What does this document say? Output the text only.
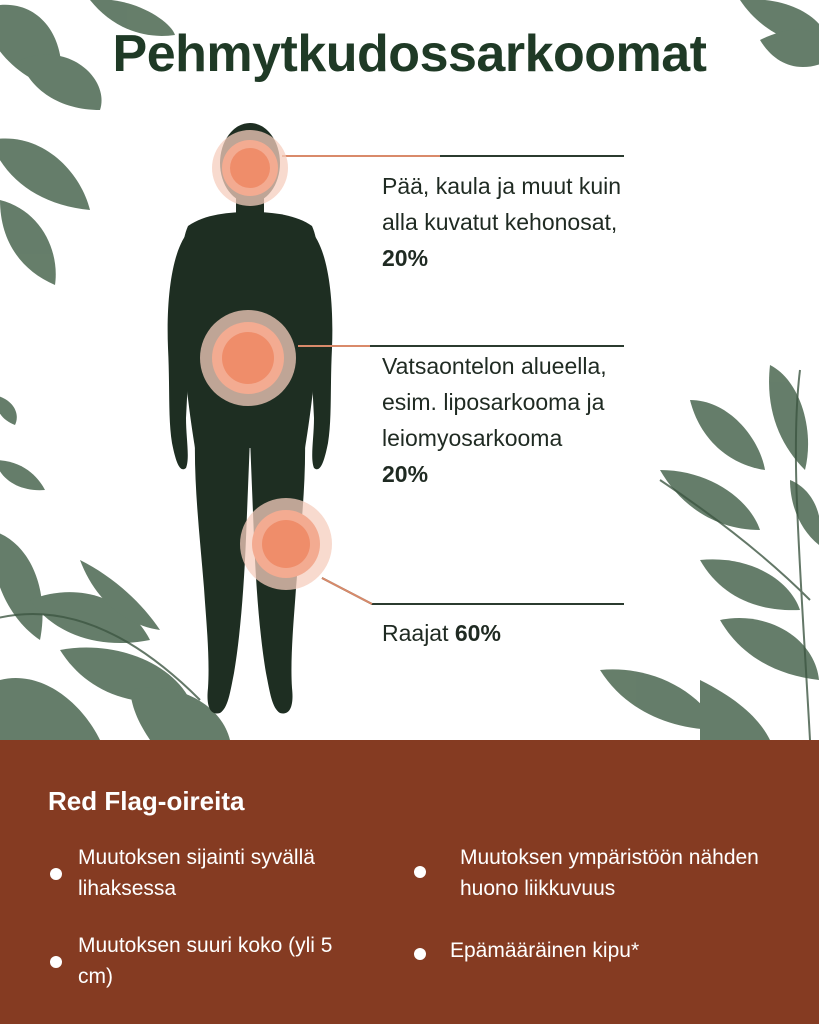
Pehmytkudossarkoomat
Pää, kaula ja muut kuin alla kuvatut kehonosat, 20%
Vatsaontelon alueella, esim. liposarkooma ja leiomyosarkooma
20%
Raajat 60%
Red Flag-oireita
Muutoksen sijainti syvällä lihaksessa
Muutoksen ympäristöön nähden huono liikkuvuus
Muutoksen suuri koko (yli 5 cm)
Epämääräinen kipu*
